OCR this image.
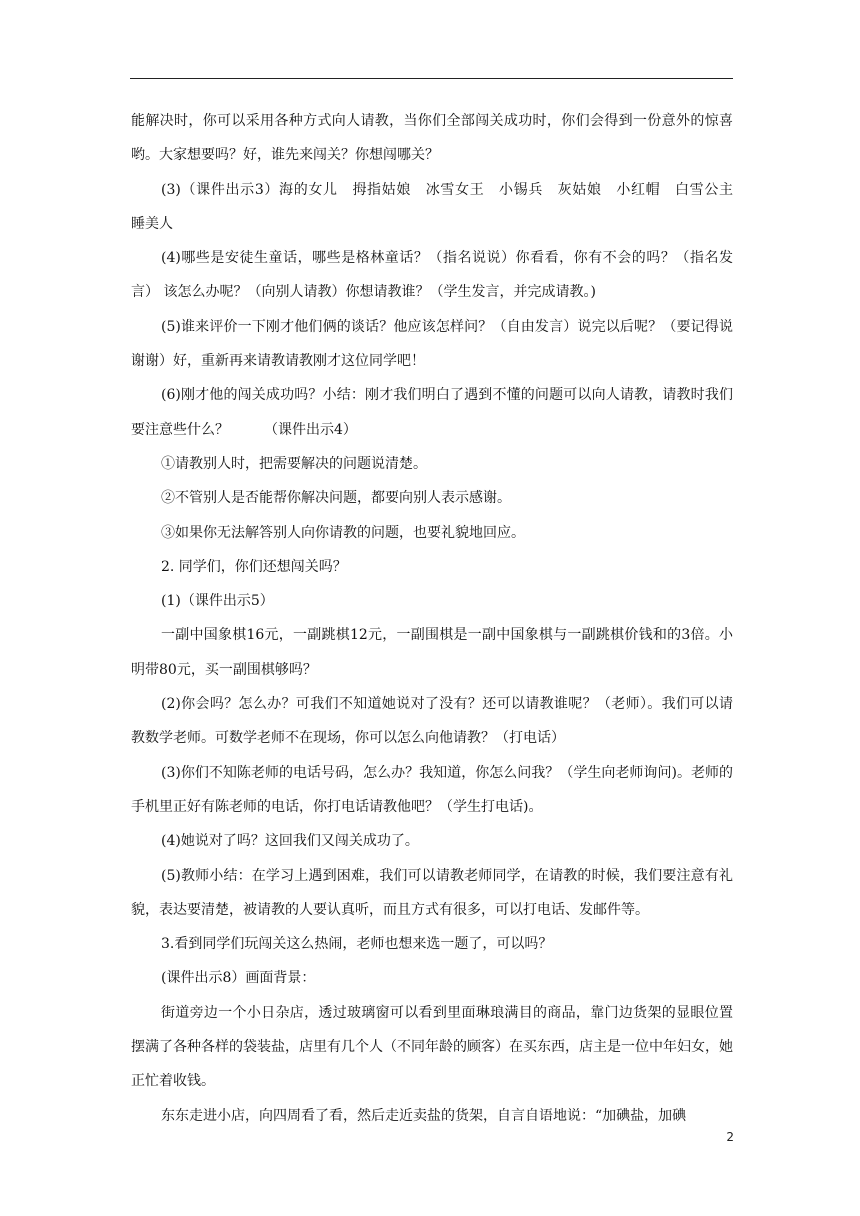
能解决时，你可以采用各种方式向人请教，当你们全部闯关成功时，你们会得到一份意外的惊喜哟。大家想要吗？好，谁先来闯关？你想闯哪关？

(3)（课件出示3）海的女儿　拇指姑娘　冰雪女王　小锡兵　灰姑娘　小红帽　白雪公主　睡美人

(4)哪些是安徒生童话，哪些是格林童话？（指名说说）你看看，你有不会的吗？（指名发言） 该怎么办呢？（向别人请教）你想请教谁？（学生发言，并完成请教。)

(5)谁来评价一下刚才他们俩的谈话？他应该怎样问？（自由发言）说完以后呢？（要记得说谢谢）好，重新再来请教请教刚才这位同学吧！

(6)刚才他的闯关成功吗？小结：刚才我们明白了遇到不懂的问题可以向人请教，请教时我们要注意些什么？　　　（课件出示4）

①请教别人时，把需要解决的问题说清楚。

②不管别人是否能帮你解决问题，都要向别人表示感谢。

③如果你无法解答别人向你请教的问题，也要礼貌地回应。

2. 同学们，你们还想闯关吗？

(1)（课件出示5）

一副中国象棋16元，一副跳棋12元，一副围棋是一副中国象棋与一副跳棋价钱和的3倍。小明带80元，买一副围棋够吗？

(2)你会吗？怎么办？可我们不知道她说对了没有？还可以请教谁呢？（老师）。我们可以请教数学老师。可数学老师不在现场，你可以怎么向他请教？（打电话）

(3)你们不知陈老师的电话号码，怎么办？我知道，你怎么问我？（学生向老师询问)。老师的手机里正好有陈老师的电话，你打电话请教他吧？（学生打电话)。

(4)她说对了吗？这回我们又闯关成功了。

(5)教师小结：在学习上遇到困难，我们可以请教老师同学，在请教的时候，我们要注意有礼貌，表达要清楚，被请教的人要认真听，而且方式有很多，可以打电话、发邮件等。

3.看到同学们玩闯关这么热闹，老师也想来选一题了，可以吗？

(课件出示8）画面背景：

街道旁边一个小日杂店，透过玻璃窗可以看到里面琳琅满目的商品，靠门边货架的显眼位置摆满了各种各样的袋装盐，店里有几个人（不同年龄的顾客）在买东西，店主是一位中年妇女，她正忙着收钱。

东东走进小店，向四周看了看，然后走近卖盐的货架，自言自语地说：“加碘盐，加碘

2
